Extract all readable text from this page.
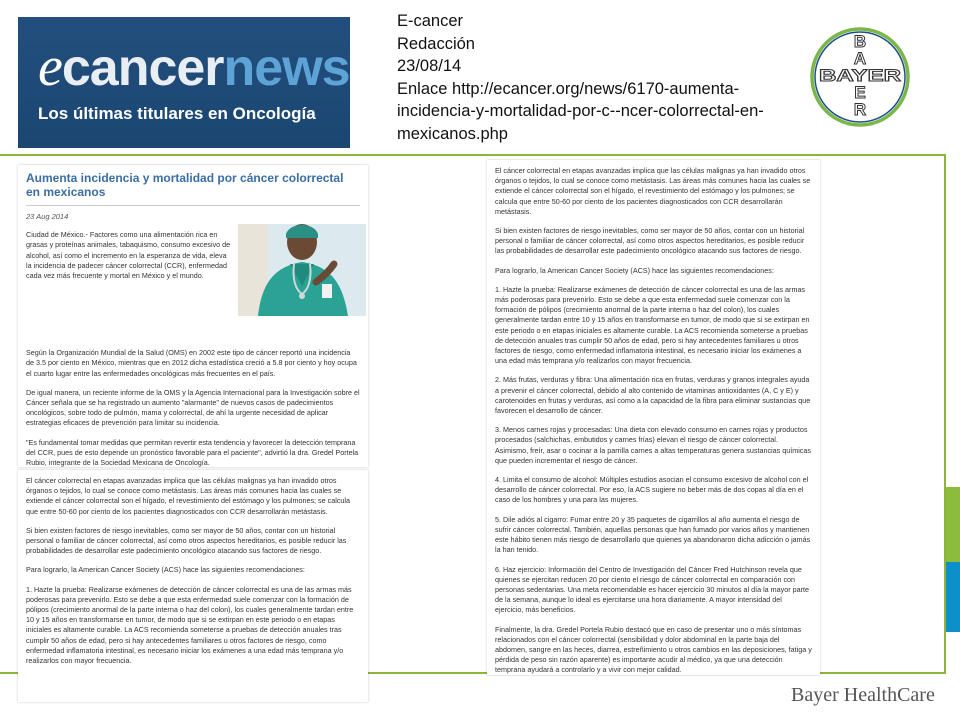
ecancernews
Los últimas titulares en Oncología
E-cancer
Redacción
23/08/14
Enlace http://ecancer.org/news/6170-aumenta-incidencia-y-mortalidad-por-c--ncer-colorrectal-en-mexicanos.php
B
A
BAYER
E
R
Aumenta incidencia y mortalidad por cáncer colorrectal en mexicanos
23 Aug 2014

Ciudad de México.- Factores como una alimentación rica en grasas y proteínas animales, tabaquismo, consumo excesivo de alcohol, así como el incremento en la esperanza de vida, eleva la incidencia de padecer cáncer colorrectal (CCR), enfermedad cada vez más frecuente y mortal en México y el mundo.

Según la Organización Mundial de la Salud (OMS) en 2002 este tipo de cáncer reportó una incidencia de 3.5 por ciento en México, mientras que en 2012 dicha estadística creció a 5.8 por ciento y hoy ocupa el cuarto lugar entre las enfermedades oncológicas más frecuentes en el país.

De igual manera, un reciente informe de la OMS y la Agencia Internacional para la Investigación sobre el Cáncer señala que se ha registrado un aumento "alarmante" de nuevos casos de padecimientos oncológicos, sobre todo de pulmón, mama y colorrectal, de ahí la urgente necesidad de aplicar estrategias eficaces de prevención para limitar su incidencia.

"Es fundamental tomar medidas que permitan revertir esta tendencia y favorecer la detección temprana del CCR, pues de esto depende un pronóstico favorable para el paciente", advirtió la dra. Gredel Portela Rubio, integrante de la Sociedad Mexicana de Oncología.

El cáncer colorrectal en etapas avanzadas implica que las células malignas ya han invadido otros órganos o tejidos, lo cual se conoce como metástasis. Las áreas más comunes hacia las cuales se extiende el cáncer colorrectal son el hígado, el revestimiento del estómago y los pulmones; se calcula que entre 50-60 por ciento de los pacientes diagnosticados con CCR desarrollarán metástasis.

Si bien existen factores de riesgo inevitables, como ser mayor de 50 años, contar con un historial personal o familiar de cáncer colorrectal, así como otros aspectos hereditarios, es posible reducir las probabilidades de desarrollar este padecimiento oncológico atacando sus factores de riesgo.

Para lograrlo, la American Cancer Society (ACS) hace las siguientes recomendaciones:

1. Hazte la prueba: Realizarse exámenes de detección de cáncer colorrectal es una de las armas más poderosas para prevenirlo. Esto se debe a que esta enfermedad suele comenzar con la formación de pólipos (crecimiento anormal de la parte interna o haz del colon), los cuales generalmente tardan entre 10 y 15 años en transformarse en tumor, de modo que si se extirpan en este periodo o en etapas iniciales es altamente curable. La ACS recomienda someterse a pruebas de detección anuales tras cumplir 50 años de edad, pero si hay antecedentes familiares u otros factores de riesgo, como enfermedad inflamatoria intestinal, es necesario iniciar los exámenes a una edad más temprana y/o realizarlos con mayor frecuencia.

El cáncer colorrectal en etapas avanzadas implica que las células malignas ya han invadido otros órganos o tejidos, lo cual se conoce como metástasis. Las áreas más comunes hacia las cuales se extiende el cáncer colorrectal son el hígado, el revestimiento del estómago y los pulmones; se calcula que entre 50-60 por ciento de los pacientes diagnosticados con CCR desarrollarán metástasis.

Si bien existen factores de riesgo inevitables, como ser mayor de 50 años, contar con un historial personal o familiar de cáncer colorrectal, así como otros aspectos hereditarios, es posible reducir las probabilidades de desarrollar este padecimiento oncológico atacando sus factores de riesgo.

Para lograrlo, la American Cancer Society (ACS) hace las siguientes recomendaciones:

1. Hazte la prueba: Realizarse exámenes de detección de cáncer colorrectal es una de las armas más poderosas para prevenirlo. Esto se debe a que esta enfermedad suele comenzar con la formación de pólipos (crecimiento anormal de la parte interna o haz del colon), los cuales generalmente tardan entre 10 y 15 años en transformarse en tumor, de modo que si se extirpan en este periodo o en etapas iniciales es altamente curable. La ACS recomienda someterse a pruebas de detección anuales tras cumplir 50 años de edad, pero si hay antecedentes familiares u otros factores de riesgo, como enfermedad inflamatoria intestinal, es necesario iniciar los exámenes a una edad más temprana y/o realizarlos con mayor frecuencia.

2. Más frutas, verduras y fibra: Una alimentación rica en frutas, verduras y granos integrales ayuda a prevenir el cáncer colorrectal, debido al alto contenido de vitaminas antioxidantes (A, C y E) y carotenoides en frutas y verduras, así como a la capacidad de la fibra para eliminar sustancias que favorecen el desarrollo de cáncer.

3. Menos carnes rojas y procesadas: Una dieta con elevado consumo en carnes rojas y productos procesados (salchichas, embutidos y carnes frías) elevan el riesgo de cáncer colorrectal. Asimismo, freír, asar o cocinar a la parrilla carnes a altas temperaturas genera sustancias químicas que pueden incrementar el riesgo de cáncer.

4. Limita el consumo de alcohol: Múltiples estudios asocian el consumo excesivo de alcohol con el desarrollo de cáncer colorrectal. Por eso, la ACS sugiere no beber más de dos copas al día en el caso de los hombres y una para las mujeres.

5. Dile adiós al cigarro: Fumar entre 20 y 35 paquetes de cigarrillos al año aumenta el riesgo de sufrir cáncer colorrectal. También, aquellas personas que han fumado por varios años y mantienen este hábito tienen más riesgo de desarrollarlo que quienes ya abandonaron dicha adicción o jamás la han tenido.

6. Haz ejercicio: Información del Centro de Investigación del Cáncer Fred Hutchinson revela que quienes se ejercitan reducen 20 por ciento el riesgo de cáncer colorrectal en comparación con personas sedentarias. Una meta recomendable es hacer ejercicio 30 minutos al día la mayor parte de la semana, aunque lo ideal es ejercitarse una hora diariamente. A mayor intensidad del ejercicio, más beneficios.

Finalmente, la dra. Gredel Portela Rubio destacó que en caso de presentar uno o más síntomas relacionados con el cáncer colorrectal (sensibilidad y dolor abdominal en la parte baja del abdomen, sangre en las heces, diarrea, estreñimiento u otros cambios en las deposiciones, fatiga y pérdida de peso sin razón aparente) es importante acudir al médico, ya que una detección temprana ayudará a controlarlo y a vivir con mejor calidad.

Bayer HealthCare
